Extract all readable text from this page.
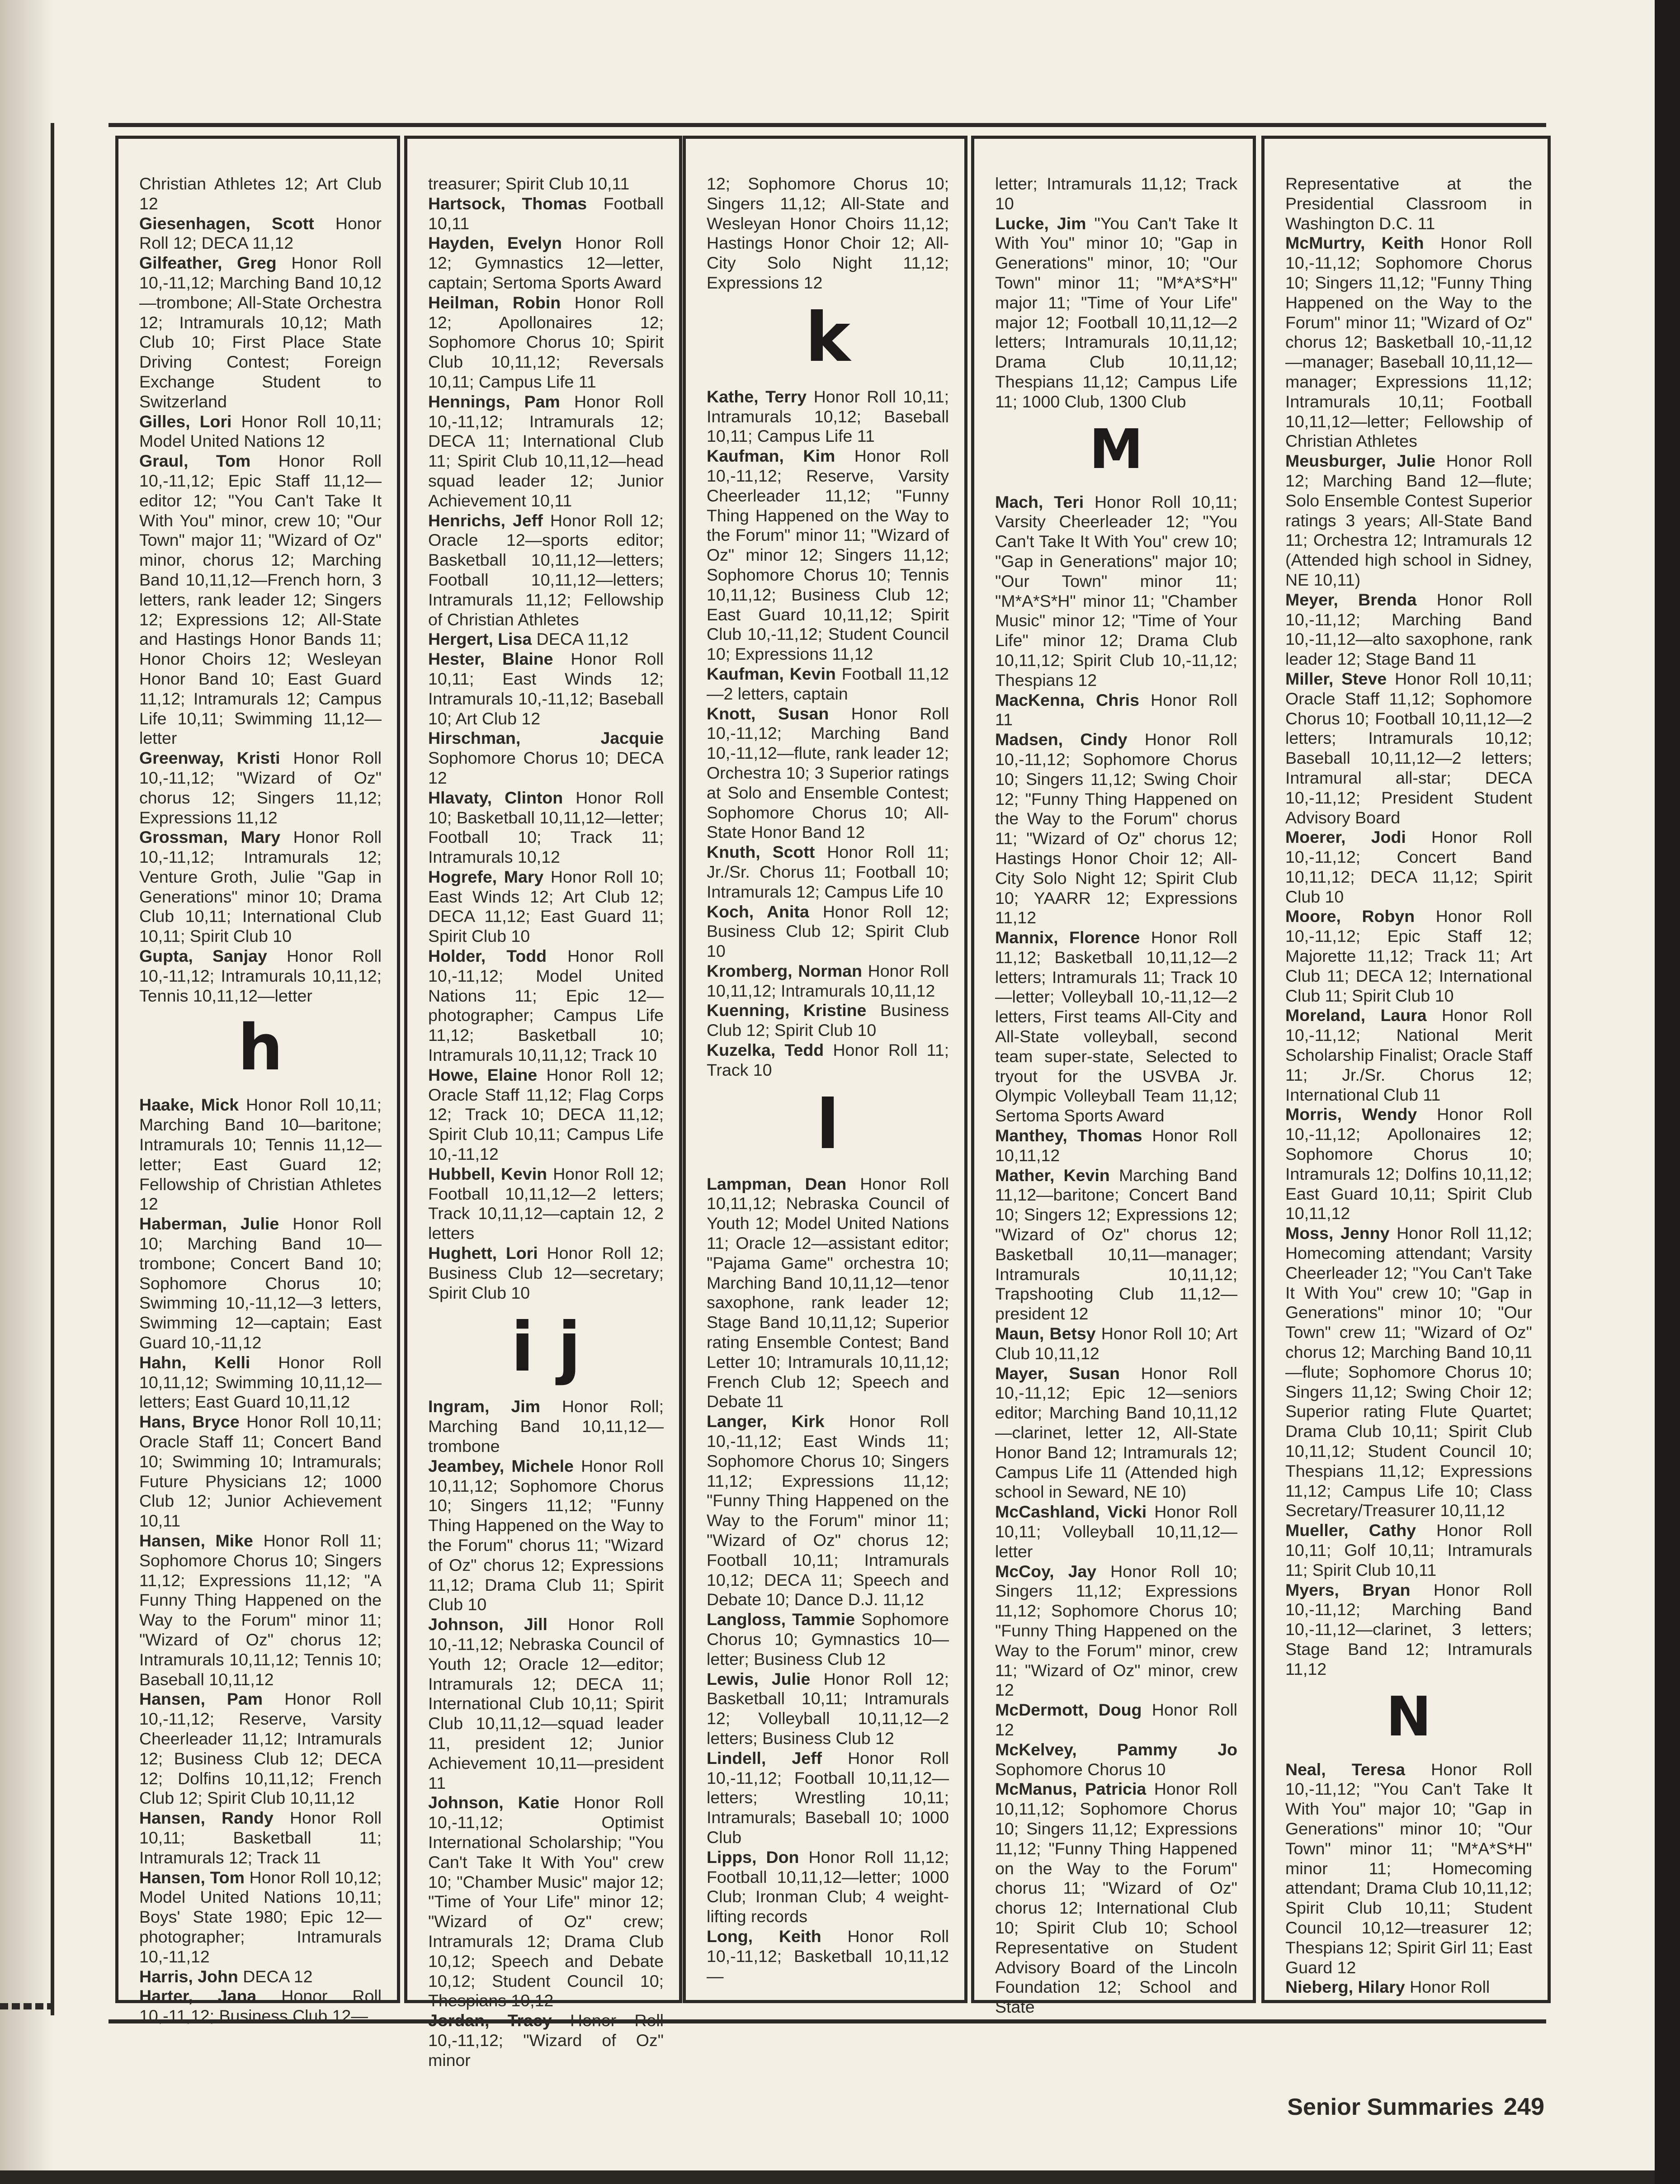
Christian Athletes 12; Art Club 12

Giesenhagen, Scott Honor Roll 12; DECA 11,12

Gilfeather, Greg Honor Roll 10,-11,12; Marching Band 10,12—trombone; All-State Orchestra 12; Intramurals 10,12; Math Club 10; First Place State Driving Contest; Foreign Exchange Student to Switzerland

Gilles, Lori Honor Roll 10,11; Model United Nations 12

Graul, Tom Honor Roll 10,-11,12; Epic Staff 11,12—editor 12; "You Can't Take It With You" minor, crew 10; "Our Town" major 11; "Wizard of Oz" minor, chorus 12; Marching Band 10,11,12—French horn, 3 letters, rank leader 12; Singers 12; Expressions 12; All-State and Hastings Honor Bands 11; Honor Choirs 12; Wesleyan Honor Band 10; East Guard 11,12; Intramurals 12; Campus Life 10,11; Swimming 11,12—letter

Greenway, Kristi Honor Roll 10,-11,12; "Wizard of Oz" chorus 12; Singers 11,12; Expressions 11,12

Grossman, Mary Honor Roll 10,-11,12; Intramurals 12; Venture Groth, Julie "Gap in Generations" minor 10; Drama Club 10,11; International Club 10,11; Spirit Club 10

Gupta, Sanjay Honor Roll 10,-11,12; Intramurals 10,11,12; Tennis 10,11,12—letter

h

Haake, Mick Honor Roll 10,11; Marching Band 10—baritone; Intramurals 10; Tennis 11,12—letter; East Guard 12; Fellowship of Christian Athletes 12

Haberman, Julie Honor Roll 10; Marching Band 10—trombone; Concert Band 10; Sophomore Chorus 10; Swimming 10,-11,12—3 letters, Swimming 12—captain; East Guard 10,-11,12

Hahn, Kelli Honor Roll 10,11,12; Swimming 10,11,12—letters; East Guard 10,11,12

Hans, Bryce Honor Roll 10,11; Oracle Staff 11; Concert Band 10; Swimming 10; Intramurals; Future Physicians 12; 1000 Club 12; Junior Achievement 10,11

Hansen, Mike Honor Roll 11; Sophomore Chorus 10; Singers 11,12; Expressions 11,12; "A Funny Thing Happened on the Way to the Forum" minor 11; "Wizard of Oz" chorus 12; Intramurals 10,11,12; Tennis 10; Baseball 10,11,12

Hansen, Pam Honor Roll 10,-11,12; Reserve, Varsity Cheerleader 11,12; Intramurals 12; Business Club 12; DECA 12; Dolfins 10,11,12; French Club 12; Spirit Club 10,11,12

Hansen, Randy Honor Roll 10,11; Basketball 11; Intramurals 12; Track 11

Hansen, Tom Honor Roll 10,12; Model United Nations 10,11; Boys' State 1980; Epic 12—photographer; Intramurals 10,-11,12

Harris, John DECA 12

Harter, Jana Honor Roll 10,-11,12; Business Club 12—

treasurer; Spirit Club 10,11

Hartsock, Thomas Football 10,11

Hayden, Evelyn Honor Roll 12; Gymnastics 12—letter, captain; Sertoma Sports Award

Heilman, Robin Honor Roll 12; Apollonaires 12; Sophomore Chorus 10; Spirit Club 10,11,12; Reversals 10,11; Campus Life 11

Hennings, Pam Honor Roll 10,-11,12; Intramurals 12; DECA 11; International Club 11; Spirit Club 10,11,12—head squad leader 12; Junior Achievement 10,11

Henrichs, Jeff Honor Roll 12; Oracle 12—sports editor; Basketball 10,11,12—letters; Football 10,11,12—letters; Intramurals 11,12; Fellowship of Christian Athletes

Hergert, Lisa DECA 11,12

Hester, Blaine Honor Roll 10,11; East Winds 12; Intramurals 10,-11,12; Baseball 10; Art Club 12

Hirschman, Jacquie Sophomore Chorus 10; DECA 12

Hlavaty, Clinton Honor Roll 10; Basketball 10,11,12—letter; Football 10; Track 11; Intramurals 10,12

Hogrefe, Mary Honor Roll 10; East Winds 12; Art Club 12; DECA 11,12; East Guard 11; Spirit Club 10

Holder, Todd Honor Roll 10,-11,12; Model United Nations 11; Epic 12—photographer; Campus Life 11,12; Basketball 10; Intramurals 10,11,12; Track 10

Howe, Elaine Honor Roll 12; Oracle Staff 11,12; Flag Corps 12; Track 10; DECA 11,12; Spirit Club 10,11; Campus Life 10,-11,12

Hubbell, Kevin Honor Roll 12; Football 10,11,12—2 letters; Track 10,11,12—captain 12, 2 letters

Hughett, Lori Honor Roll 12; Business Club 12—secretary; Spirit Club 10

i j

Ingram, Jim Honor Roll; Marching Band 10,11,12—trombone

Jeambey, Michele Honor Roll 10,11,12; Sophomore Chorus 10; Singers 11,12; "Funny Thing Happened on the Way to the Forum" chorus 11; "Wizard of Oz" chorus 12; Expressions 11,12; Drama Club 11; Spirit Club 10

Johnson, Jill Honor Roll 10,-11,12; Nebraska Council of Youth 12; Oracle 12—editor; Intramurals 12; DECA 11; International Club 10,11; Spirit Club 10,11,12—squad leader 11, president 12; Junior Achievement 10,11—president 11

Johnson, Katie Honor Roll 10,-11,12; Optimist International Scholarship; "You Can't Take It With You" crew 10; "Chamber Music" major 12; "Time of Your Life" minor 12; "Wizard of Oz" crew; Intramurals 12; Drama Club 10,12; Speech and Debate 10,12; Student Council 10; Thespians 10,12

Jordan, Tracy Honor Roll 10,-11,12; "Wizard of Oz" minor

12; Sophomore Chorus 10; Singers 11,12; All-State and Wesleyan Honor Choirs 11,12; Hastings Honor Choir 12; All-City Solo Night 11,12; Expressions 12

k

Kathe, Terry Honor Roll 10,11; Intramurals 10,12; Baseball 10,11; Campus Life 11

Kaufman, Kim Honor Roll 10,-11,12; Reserve, Varsity Cheerleader 11,12; "Funny Thing Happened on the Way to the Forum" minor 11; "Wizard of Oz" minor 12; Singers 11,12; Sophomore Chorus 10; Tennis 10,11,12; Business Club 12; East Guard 10,11,12; Spirit Club 10,-11,12; Student Council 10; Expressions 11,12

Kaufman, Kevin Football 11,12—2 letters, captain

Knott, Susan Honor Roll 10,-11,12; Marching Band 10,-11,12—flute, rank leader 12; Orchestra 10; 3 Superior ratings at Solo and Ensemble Contest; Sophomore Chorus 10; All-State Honor Band 12

Knuth, Scott Honor Roll 11; Jr./Sr. Chorus 11; Football 10; Intramurals 12; Campus Life 10

Koch, Anita Honor Roll 12; Business Club 12; Spirit Club 10

Kromberg, Norman Honor Roll 10,11,12; Intramurals 10,11,12

Kuenning, Kristine Business Club 12; Spirit Club 10

Kuzelka, Tedd Honor Roll 11; Track 10

l

Lampman, Dean Honor Roll 10,11,12; Nebraska Council of Youth 12; Model United Nations 11; Oracle 12—assistant editor; "Pajama Game" orchestra 10; Marching Band 10,11,12—tenor saxophone, rank leader 12; Stage Band 10,11,12; Superior rating Ensemble Contest; Band Letter 10; Intramurals 10,11,12; French Club 12; Speech and Debate 11

Langer, Kirk Honor Roll 10,-11,12; East Winds 11; Sophomore Chorus 10; Singers 11,12; Expressions 11,12; "Funny Thing Happened on the Way to the Forum" minor 11; "Wizard of Oz" chorus 12; Football 10,11; Intramurals 10,12; DECA 11; Speech and Debate 10; Dance D.J. 11,12

Langloss, Tammie Sophomore Chorus 10; Gymnastics 10—letter; Business Club 12

Lewis, Julie Honor Roll 12; Basketball 10,11; Intramurals 12; Volleyball 10,11,12—2 letters; Business Club 12

Lindell, Jeff Honor Roll 10,-11,12; Football 10,11,12—letters; Wrestling 10,11; Intramurals; Baseball 10; 1000 Club

Lipps, Don Honor Roll 11,12; Football 10,11,12—letter; 1000 Club; Ironman Club; 4 weight-lifting records

Long, Keith Honor Roll 10,-11,12; Basketball 10,11,12—

letter; Intramurals 11,12; Track 10

Lucke, Jim "You Can't Take It With You" minor 10; "Gap in Generations" minor, 10; "Our Town" minor 11; "M*A*S*H" major 11; "Time of Your Life" major 12; Football 10,11,12—2 letters; Intramurals 10,11,12; Drama Club 10,11,12; Thespians 11,12; Campus Life 11; 1000 Club, 1300 Club

M

Mach, Teri Honor Roll 10,11; Varsity Cheerleader 12; "You Can't Take It With You" crew 10; "Gap in Generations" major 10; "Our Town" minor 11; "M*A*S*H" minor 11; "Chamber Music" minor 12; "Time of Your Life" minor 12; Drama Club 10,11,12; Spirit Club 10,-11,12; Thespians 12

MacKenna, Chris Honor Roll 11

Madsen, Cindy Honor Roll 10,-11,12; Sophomore Chorus 10; Singers 11,12; Swing Choir 12; "Funny Thing Happened on the Way to the Forum" chorus 11; "Wizard of Oz" chorus 12; Hastings Honor Choir 12; All-City Solo Night 12; Spirit Club 10; YAARR 12; Expressions 11,12

Mannix, Florence Honor Roll 11,12; Basketball 10,11,12—2 letters; Intramurals 11; Track 10—letter; Volleyball 10,-11,12—2 letters, First teams All-City and All-State volleyball, second team super-state, Selected to tryout for the USVBA Jr. Olympic Volleyball Team 11,12; Sertoma Sports Award

Manthey, Thomas Honor Roll 10,11,12

Mather, Kevin Marching Band 11,12—baritone; Concert Band 10; Singers 12; Expressions 12; "Wizard of Oz" chorus 12; Basketball 10,11—manager; Intramurals 10,11,12; Trapshooting Club 11,12—president 12

Maun, Betsy Honor Roll 10; Art Club 10,11,12

Mayer, Susan Honor Roll 10,-11,12; Epic 12—seniors editor; Marching Band 10,11,12—clarinet, letter 12, All-State Honor Band 12; Intramurals 12; Campus Life 11 (Attended high school in Seward, NE 10)

McCashland, Vicki Honor Roll 10,11; Volleyball 10,11,12—letter

McCoy, Jay Honor Roll 10; Singers 11,12; Expressions 11,12; Sophomore Chorus 10; "Funny Thing Happened on the Way to the Forum" minor, crew 11; "Wizard of Oz" minor, crew 12

McDermott, Doug Honor Roll 12

McKelvey, Pammy Jo Sophomore Chorus 10

McManus, Patricia Honor Roll 10,11,12; Sophomore Chorus 10; Singers 11,12; Expressions 11,12; "Funny Thing Happened on the Way to the Forum" chorus 11; "Wizard of Oz" chorus 12; International Club 10; Spirit Club 10; School Representative on Student Advisory Board of the Lincoln Foundation 12; School and State

Representative at the Presidential Classroom in Washington D.C. 11

McMurtry, Keith Honor Roll 10,-11,12; Sophomore Chorus 10; Singers 11,12; "Funny Thing Happened on the Way to the Forum" minor 11; "Wizard of Oz" chorus 12; Basketball 10,-11,12—manager; Baseball 10,11,12—manager; Expressions 11,12; Intramurals 10,11; Football 10,11,12—letter; Fellowship of Christian Athletes

Meusburger, Julie Honor Roll 12; Marching Band 12—flute; Solo Ensemble Contest Superior ratings 3 years; All-State Band 11; Orchestra 12; Intramurals 12 (Attended high school in Sidney, NE 10,11)

Meyer, Brenda Honor Roll 10,-11,12; Marching Band 10,-11,12—alto saxophone, rank leader 12; Stage Band 11

Miller, Steve Honor Roll 10,11; Oracle Staff 11,12; Sophomore Chorus 10; Football 10,11,12—2 letters; Intramurals 10,12; Baseball 10,11,12—2 letters; Intramural all-star; DECA 10,-11,12; President Student Advisory Board

Moerer, Jodi Honor Roll 10,-11,12; Concert Band 10,11,12; DECA 11,12; Spirit Club 10

Moore, Robyn Honor Roll 10,-11,12; Epic Staff 12; Majorette 11,12; Track 11; Art Club 11; DECA 12; International Club 11; Spirit Club 10

Moreland, Laura Honor Roll 10,-11,12; National Merit Scholarship Finalist; Oracle Staff 11; Jr./Sr. Chorus 12; International Club 11

Morris, Wendy Honor Roll 10,-11,12; Apollonaires 12; Sophomore Chorus 10; Intramurals 12; Dolfins 10,11,12; East Guard 10,11; Spirit Club 10,11,12

Moss, Jenny Honor Roll 11,12; Homecoming attendant; Varsity Cheerleader 12; "You Can't Take It With You" crew 10; "Gap in Generations" minor 10; "Our Town" crew 11; "Wizard of Oz" chorus 12; Marching Band 10,11—flute; Sophomore Chorus 10; Singers 11,12; Swing Choir 12; Superior rating Flute Quartet; Drama Club 10,11; Spirit Club 10,11,12; Student Council 10; Thespians 11,12; Expressions 11,12; Campus Life 10; Class Secretary/Treasurer 10,11,12

Mueller, Cathy Honor Roll 10,11; Golf 10,11; Intramurals 11; Spirit Club 10,11

Myers, Bryan Honor Roll 10,-11,12; Marching Band 10,-11,12—clarinet, 3 letters; Stage Band 12; Intramurals 11,12

N

Neal, Teresa Honor Roll 10,-11,12; "You Can't Take It With You" major 10; "Gap in Generations" minor 10; "Our Town" minor 11; "M*A*S*H" minor 11; Homecoming attendant; Drama Club 10,11,12; Spirit Club 10,11; Student Council 10,12—treasurer 12; Thespians 12; Spirit Girl 11; East Guard 12

Nieberg, Hilary Honor Roll

Senior Summaries 249
